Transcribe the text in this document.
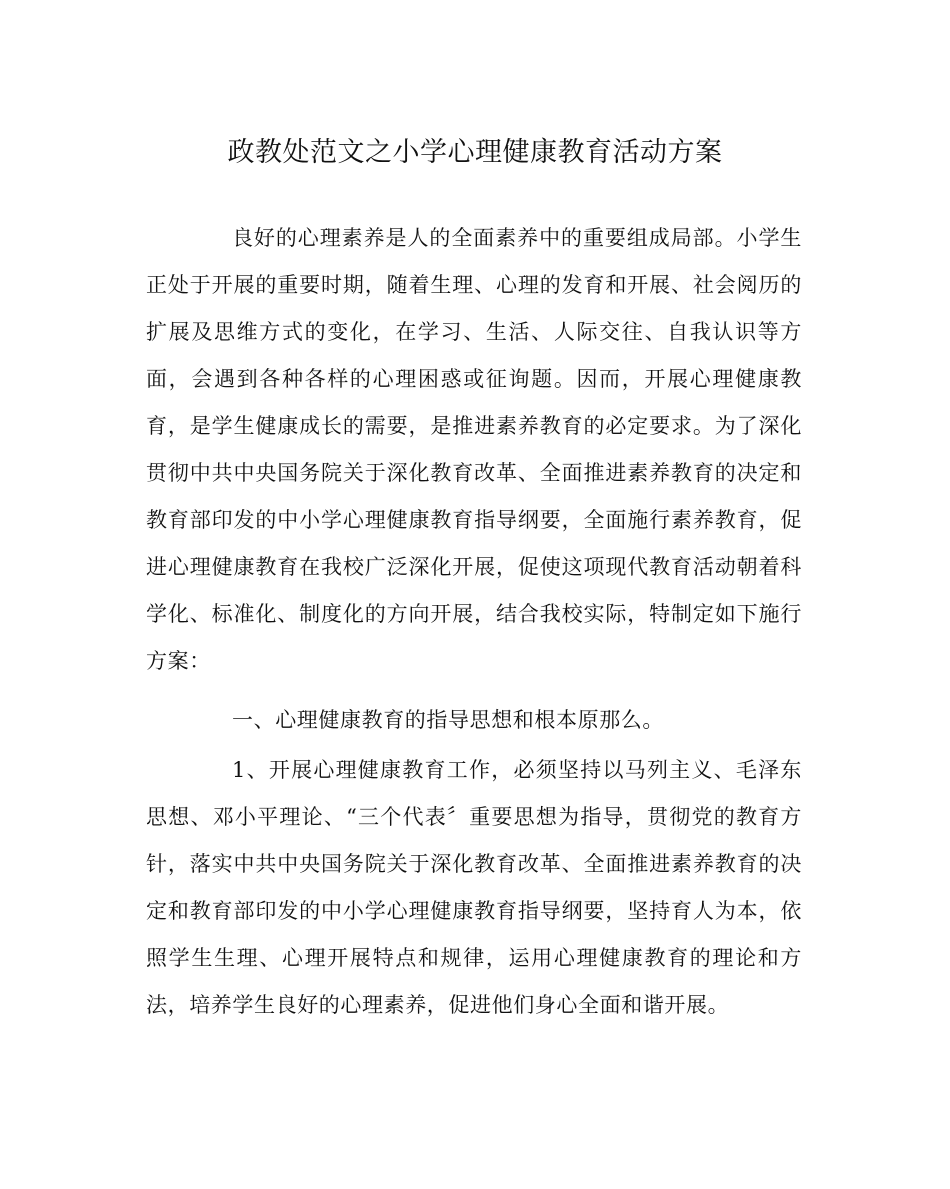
政教处范文之小学心理健康教育活动方案
良好的心理素养是人的全面素养中的重要组成局部。小学生
正处于开展的重要时期，随着生理、心理的发育和开展、社会阅历的
扩展及思维方式的变化，在学习、生活、人际交往、自我认识等方
面，会遇到各种各样的心理困惑或征询题。因而，开展心理健康教
育，是学生健康成长的需要，是推进素养教育的必定要求。为了深化
贯彻中共中央国务院关于深化教育改革、全面推进素养教育的决定和
教育部印发的中小学心理健康教育指导纲要，全面施行素养教育，促
进心理健康教育在我校广泛深化开展，促使这项现代教育活动朝着科
学化、标准化、制度化的方向开展，结合我校实际，特制定如下施行
方案：
一、心理健康教育的指导思想和根本原那么。
1、开展心理健康教育工作，必须坚持以马列主义、毛泽东
思想、邓小平理论、“三个代表〞重要思想为指导，贯彻党的教育方
针，落实中共中央国务院关于深化教育改革、全面推进素养教育的决
定和教育部印发的中小学心理健康教育指导纲要，坚持育人为本，依
照学生生理、心理开展特点和规律，运用心理健康教育的理论和方
法，培养学生良好的心理素养，促进他们身心全面和谐开展。
